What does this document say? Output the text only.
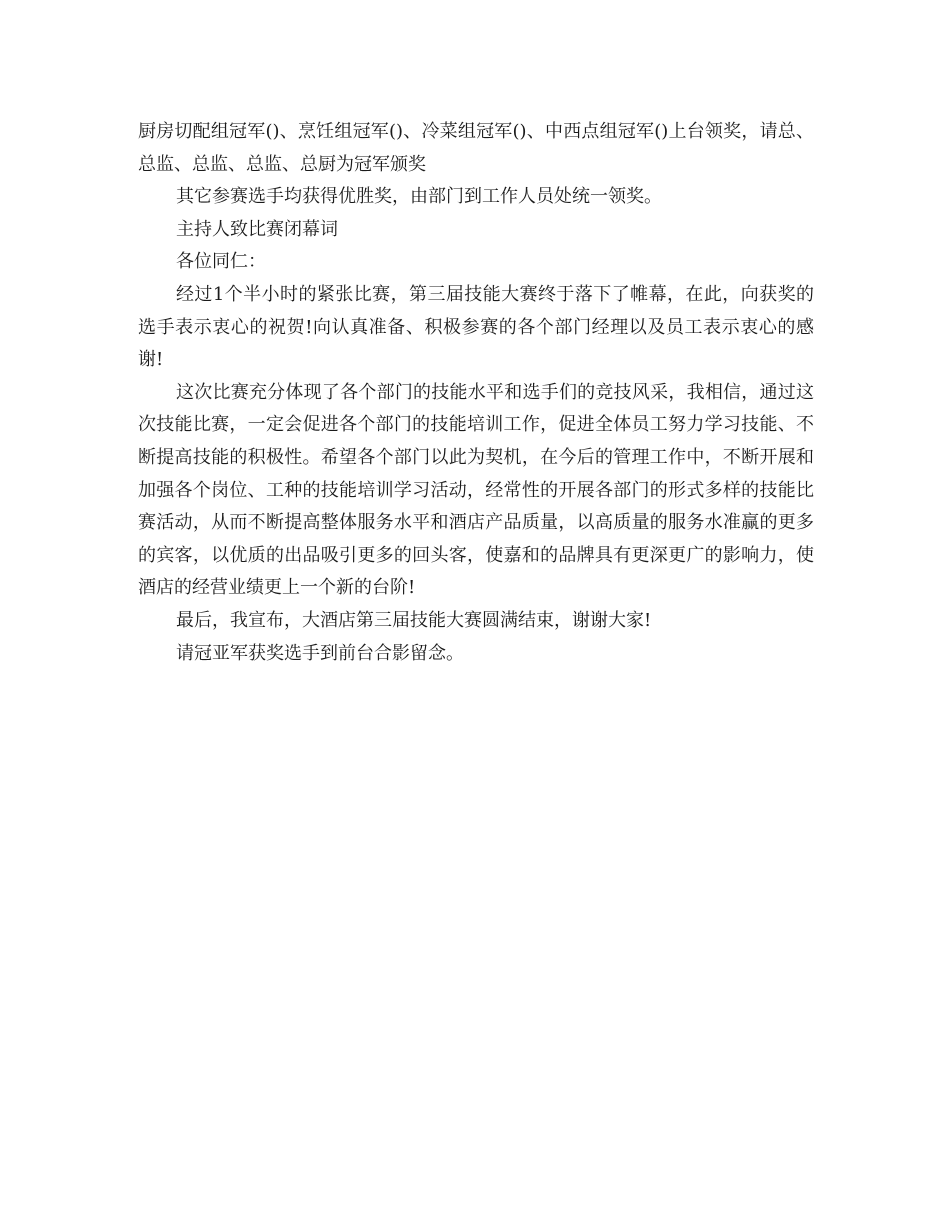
厨房切配组冠军()、烹饪组冠军()、冷菜组冠军()、中西点组冠军()上台领奖，请总、总监、总监、总监、总厨为冠军颁奖

其它参赛选手均获得优胜奖，由部门到工作人员处统一领奖。

主持人致比赛闭幕词

各位同仁：

经过1个半小时的紧张比赛，第三届技能大赛终于落下了帷幕，在此，向获奖的选手表示衷心的祝贺!向认真准备、积极参赛的各个部门经理以及员工表示衷心的感谢!

这次比赛充分体现了各个部门的技能水平和选手们的竞技风采，我相信，通过这次技能比赛，一定会促进各个部门的技能培训工作，促进全体员工努力学习技能、不断提高技能的积极性。希望各个部门以此为契机，在今后的管理工作中，不断开展和加强各个岗位、工种的技能培训学习活动，经常性的开展各部门的形式多样的技能比赛活动，从而不断提高整体服务水平和酒店产品质量，以高质量的服务水准赢的更多的宾客，以优质的出品吸引更多的回头客，使嘉和的品牌具有更深更广的影响力，使酒店的经营业绩更上一个新的台阶!

最后，我宣布，大酒店第三届技能大赛圆满结束，谢谢大家!

请冠亚军获奖选手到前台合影留念。
